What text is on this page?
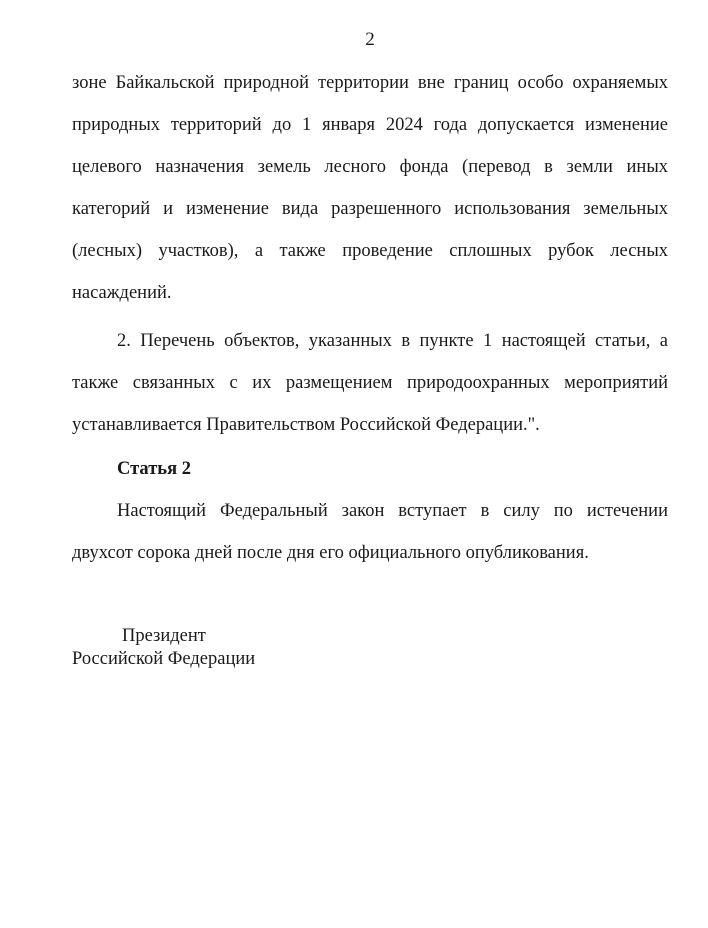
2
зоне Байкальской природной территории вне границ особо охраняемых природных территорий до 1 января 2024 года допускается изменение целевого назначения земель лесного фонда (перевод в земли иных категорий и изменение вида разрешенного использования земельных (лесных) участков), а также проведение сплошных рубок лесных насаждений.
2. Перечень объектов, указанных в пункте 1 настоящей статьи, а также связанных с их размещением природоохранных мероприятий устанавливается Правительством Российской Федерации.".
Статья 2
Настоящий Федеральный закон вступает в силу по истечении двухсот сорока дней после дня его официального опубликования.
Президент
Российской Федерации
